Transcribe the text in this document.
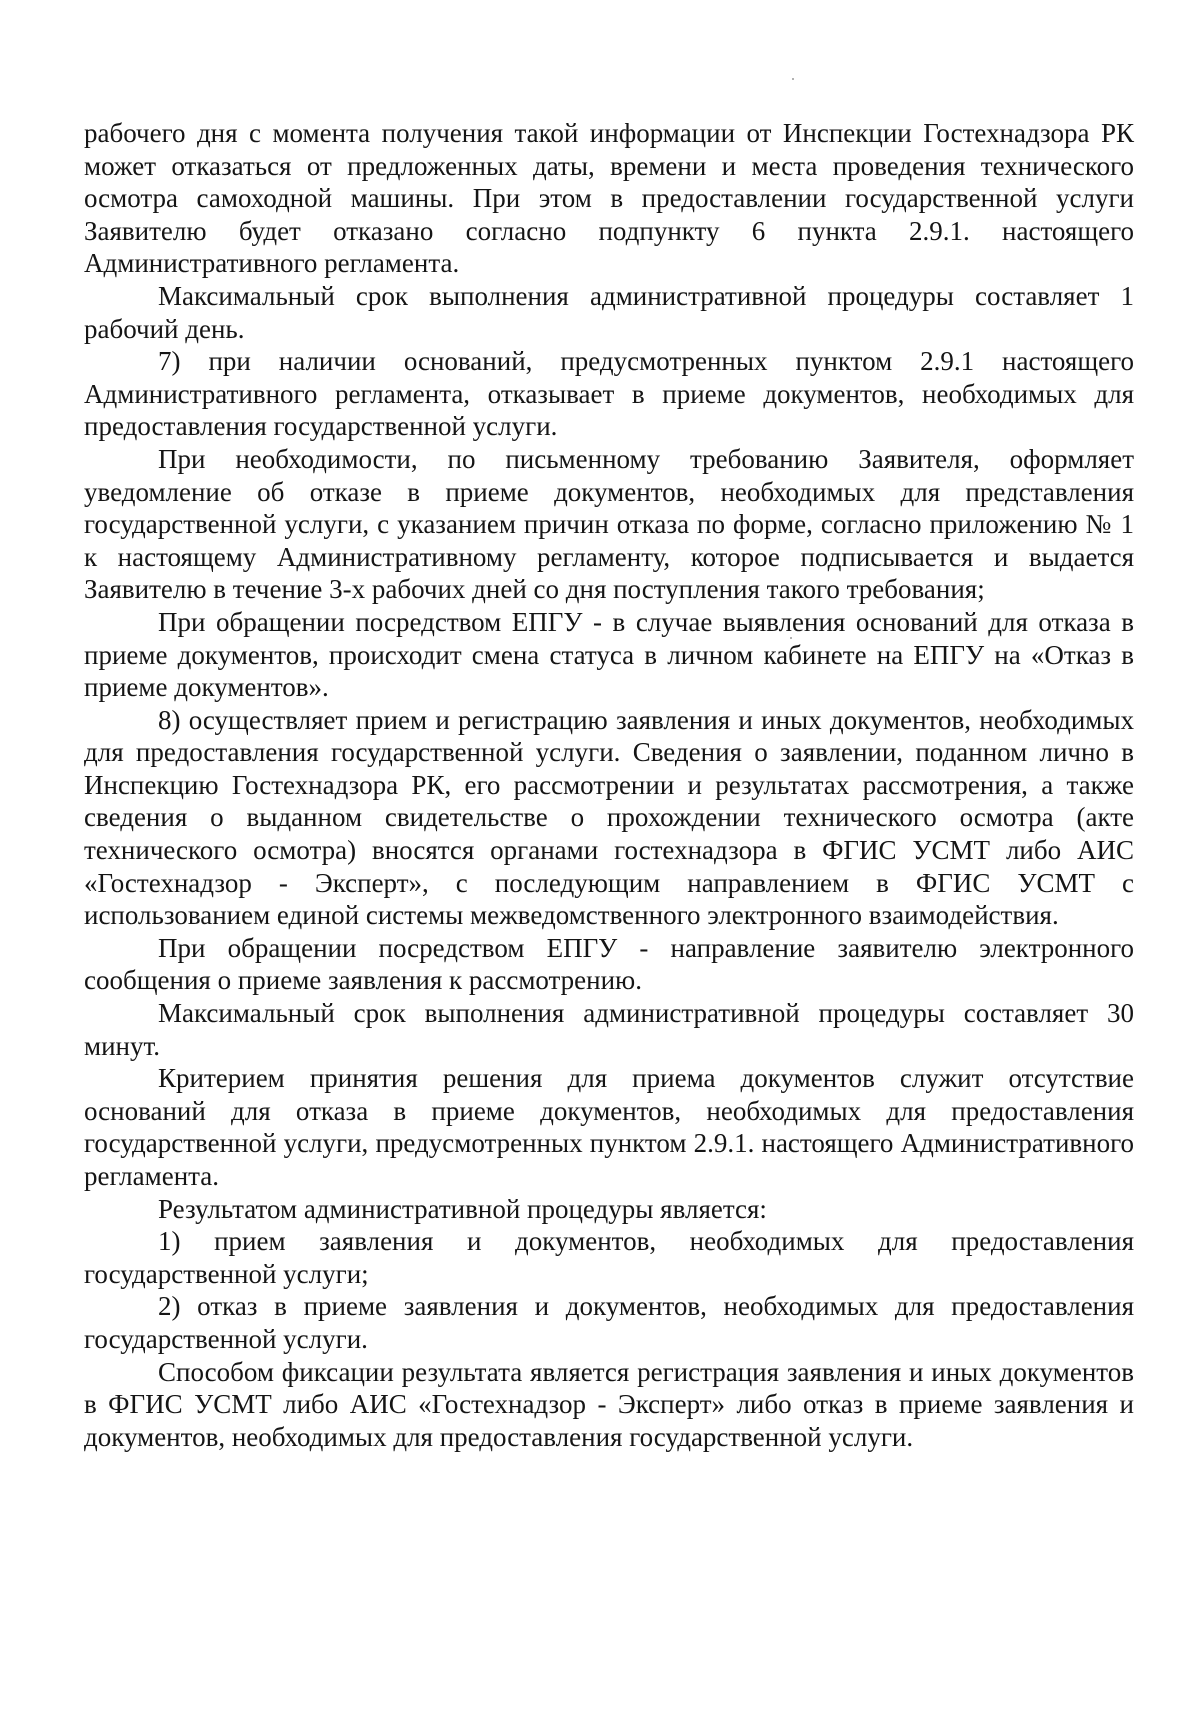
рабочего дня с момента получения такой информации от Инспекции Гостехнадзора РК может отказаться от предложенных даты, времени и места проведения технического осмотра самоходной машины. При этом в предоставлении государственной услуги Заявителю будет отказано согласно подпункту 6 пункта 2.9.1. настоящего Административного регламента.

Максимальный срок выполнения административной процедуры составляет 1 рабочий день.

7) при наличии оснований, предусмотренных пунктом 2.9.1 настоящего Административного регламента, отказывает в приеме документов, необходимых для предоставления государственной услуги.

При необходимости, по письменному требованию Заявителя, оформляет уведомление об отказе в приеме документов, необходимых для представления государственной услуги, с указанием причин отказа по форме, согласно приложению № 1 к настоящему Административному регламенту, которое подписывается и выдается Заявителю в течение 3-х рабочих дней со дня поступления такого требования;

При обращении посредством ЕПГУ - в случае выявления оснований для отказа в приеме документов, происходит смена статуса в личном кабинете на ЕПГУ на «Отказ в приеме документов».

8) осуществляет прием и регистрацию заявления и иных документов, необходимых для предоставления государственной услуги. Сведения о заявлении, поданном лично в Инспекцию Гостехнадзора РК, его рассмотрении и результатах рассмотрения, а также сведения о выданном свидетельстве о прохождении технического осмотра (акте технического осмотра) вносятся органами гостехнадзора в ФГИС УСМТ либо АИС «Гостехнадзор - Эксперт», с последующим направлением в ФГИС УСМТ с использованием единой системы межведомственного электронного взаимодействия.

При обращении посредством ЕПГУ - направление заявителю электронного сообщения о приеме заявления к рассмотрению.

Максимальный срок выполнения административной процедуры составляет 30 минут.

Критерием принятия решения для приема документов служит отсутствие оснований для отказа в приеме документов, необходимых для предоставления государственной услуги, предусмотренных пунктом 2.9.1. настоящего Административного регламента.

Результатом административной процедуры является:

1) прием заявления и документов, необходимых для предоставления государственной услуги;

2) отказ в приеме заявления и документов, необходимых для предоставления государственной услуги.

Способом фиксации результата является регистрация заявления и иных документов в ФГИС УСМТ либо АИС «Гостехнадзор - Эксперт» либо отказ в приеме заявления и документов, необходимых для предоставления государственной услуги.
